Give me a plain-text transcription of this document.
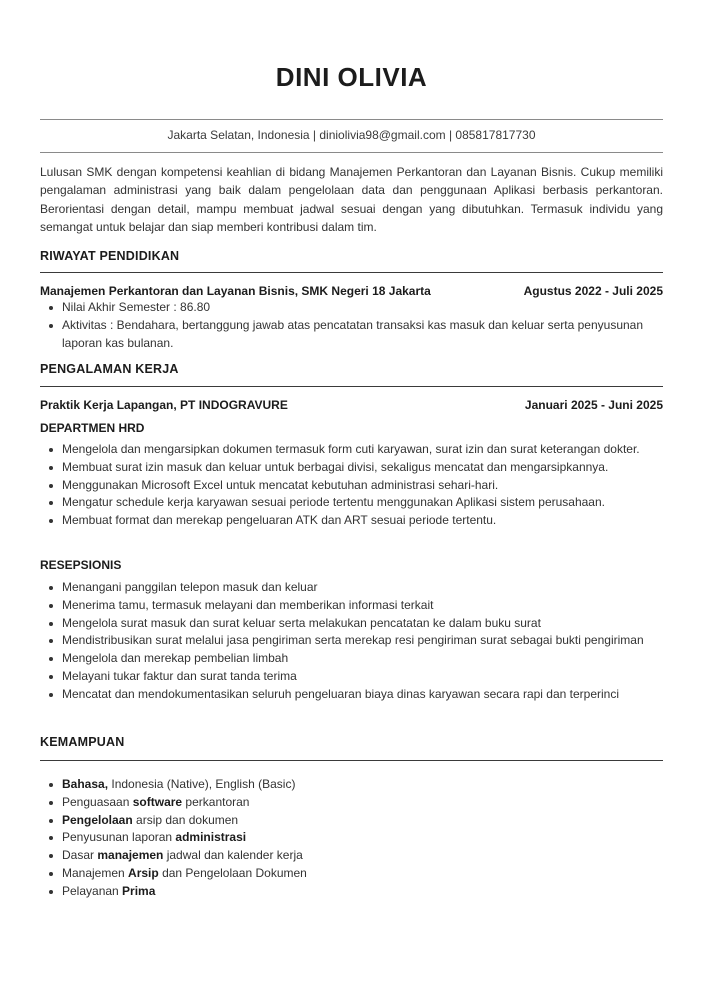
DINI OLIVIA
Jakarta Selatan, Indonesia | diniolivia98@gmail.com | 085817817730
Lulusan SMK dengan kompetensi keahlian di bidang Manajemen Perkantoran dan Layanan Bisnis. Cukup memiliki pengalaman administrasi yang baik dalam pengelolaan data dan penggunaan Aplikasi berbasis perkantoran. Berorientasi dengan detail, mampu membuat jadwal sesuai dengan yang dibutuhkan. Termasuk individu yang semangat untuk belajar dan siap memberi kontribusi dalam tim.
RIWAYAT PENDIDIKAN
Manajemen Perkantoran dan Layanan Bisnis, SMK Negeri 18 Jakarta	Agustus 2022 - Juli 2025
Nilai Akhir Semester : 86.80
Aktivitas : Bendahara, bertanggung jawab atas pencatatan transaksi kas masuk dan keluar serta penyusunan laporan kas bulanan.
PENGALAMAN KERJA
Praktik Kerja Lapangan, PT INDOGRAVURE	Januari 2025 - Juni 2025
DEPARTMEN HRD
Mengelola dan mengarsipkan dokumen termasuk form cuti karyawan, surat izin dan surat keterangan dokter.
Membuat surat izin masuk dan keluar untuk berbagai divisi, sekaligus mencatat dan mengarsipkannya.
Menggunakan Microsoft Excel untuk mencatat kebutuhan administrasi sehari-hari.
Mengatur schedule kerja karyawan sesuai periode tertentu menggunakan Aplikasi sistem perusahaan.
Membuat format dan merekap pengeluaran ATK dan ART sesuai periode tertentu.
RESEPSIONIS
Menangani panggilan telepon masuk dan keluar
Menerima tamu, termasuk melayani dan memberikan informasi terkait
Mengelola surat masuk dan surat keluar serta melakukan pencatatan ke dalam buku surat
Mendistribusikan surat melalui jasa pengiriman serta merekap resi pengiriman surat sebagai bukti pengiriman
Mengelola dan merekap pembelian limbah
Melayani tukar faktur dan surat tanda terima
Mencatat dan mendokumentasikan seluruh pengeluaran biaya dinas karyawan secara rapi dan terperinci
KEMAMPUAN
Bahasa, Indonesia (Native), English (Basic)
Penguasaan software perkantoran
Pengelolaan arsip dan dokumen
Penyusunan laporan administrasi
Dasar manajemen jadwal dan kalender kerja
Manajemen Arsip dan Pengelolaan Dokumen
Pelayanan Prima
